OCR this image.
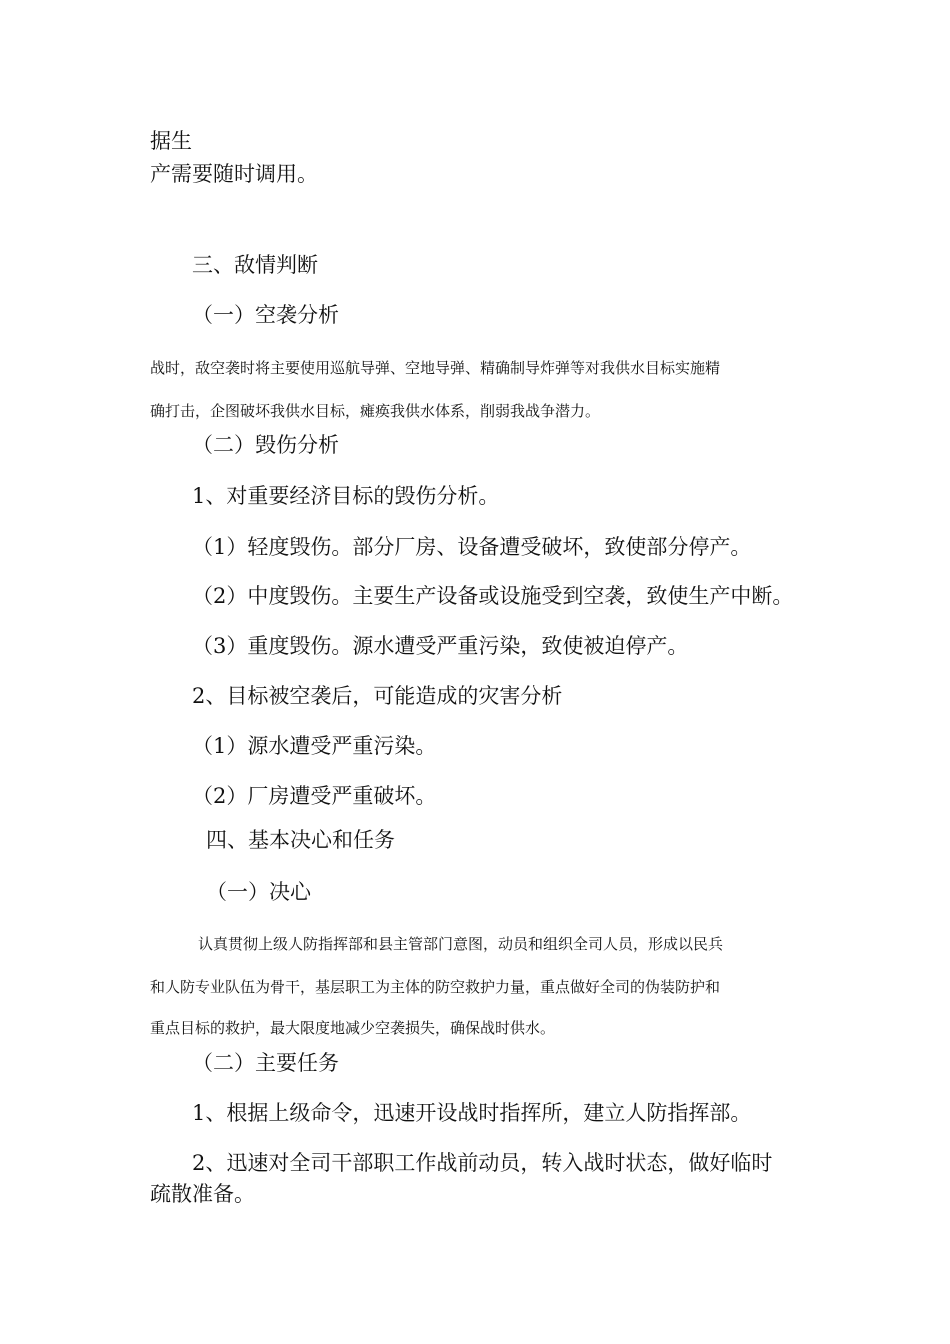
据生

产需要随时调用。

三、敌情判断

（一）空袭分析

战时，敌空袭时将主要使用巡航导弹、空地导弹、精确制导炸弹等对我供水目标实施精

确打击，企图破坏我供水目标，瘫痪我供水体系，削弱我战争潜力。

（二）毁伤分析

1、对重要经济目标的毁伤分析。

（1）轻度毁伤。部分厂房、设备遭受破坏，致使部分停产。

（2）中度毁伤。主要生产设备或设施受到空袭，致使生产中断。

（3）重度毁伤。源水遭受严重污染，致使被迫停产。

2、目标被空袭后，可能造成的灾害分析

（1）源水遭受严重污染。

（2）厂房遭受严重破坏。

四、基本决心和任务

（一）决心

认真贯彻上级人防指挥部和县主管部门意图，动员和组织全司人员，形成以民兵

和人防专业队伍为骨干，基层职工为主体的防空救护力量，重点做好全司的伪装防护和

重点目标的救护，最大限度地减少空袭损失，确保战时供水。

（二）主要任务

1、根据上级命令，迅速开设战时指挥所，建立人防指挥部。

2、迅速对全司干部职工作战前动员，转入战时状态，做好临时

疏散准备。
